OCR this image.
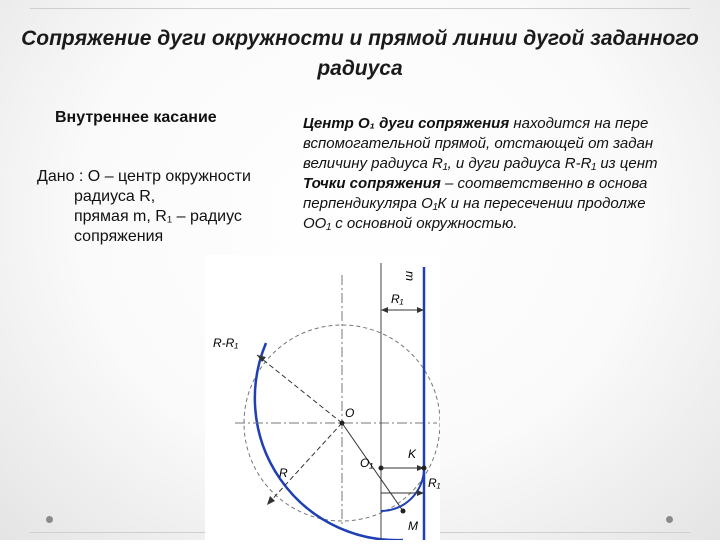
Сопряжение дуги окружности и прямой линии дугой заданного радиуса
Внутреннее касание
Дано : О – центр окружности
радиуса R,
прямая m, R₁ – радиус
сопряжения
Центр О₁ дуги сопряжения находится на пере
вспомогательной прямой, отстающей от задан
величину радиуса R₁, и дуги радиуса R-R₁ из цент
Точки сопряжения – соответственно в основа
перпендикуляра О₁К и на пересечении продолже
ОО₁ с основной окружностью.
m
R₁
R-R₁
O
O₁
K
R
R₁
M
